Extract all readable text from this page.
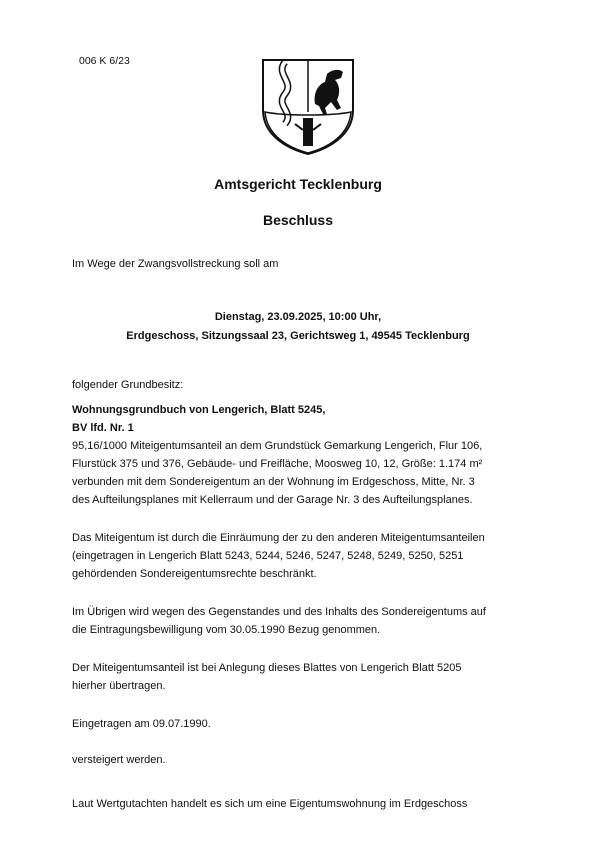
006 K 6/23
Amtsgericht Tecklenburg
Beschluss
Im Wege der Zwangsvollstreckung soll am
Dienstag, 23.09.2025, 10:00 Uhr,
Erdgeschoss, Sitzungssaal 23, Gerichtsweg 1, 49545 Tecklenburg
folgender Grundbesitz:
Wohnungsgrundbuch von Lengerich, Blatt 5245,
BV lfd. Nr. 1
95,16/1000 Miteigentumsanteil an dem Grundstück Gemarkung Lengerich, Flur 106,
Flurstück 375 und 376, Gebäude- und Freifläche, Moosweg 10, 12, Größe: 1.174 m²
verbunden mit dem Sondereigentum an der Wohnung im Erdgeschoss, Mitte, Nr. 3
des Aufteilungsplanes mit Kellerraum und der Garage Nr. 3 des Aufteilungsplanes.
Das Miteigentum ist durch die Einräumung der zu den anderen Miteigentumsanteilen
(eingetragen in Lengerich Blatt 5243, 5244, 5246, 5247, 5248, 5249, 5250, 5251
gehördenden Sondereigentumsrechte beschränkt.
Im Übrigen wird wegen des Gegenstandes und des Inhalts des Sondereigentums auf
die Eintragungsbewilligung vom 30.05.1990 Bezug genommen.
Der Miteigentumsanteil ist bei Anlegung dieses Blattes von Lengerich Blatt 5205
hierher übertragen.
Eingetragen am 09.07.1990.
versteigert werden.
Laut Wertgutachten handelt es sich um eine Eigentumswohnung im Erdgeschoss
